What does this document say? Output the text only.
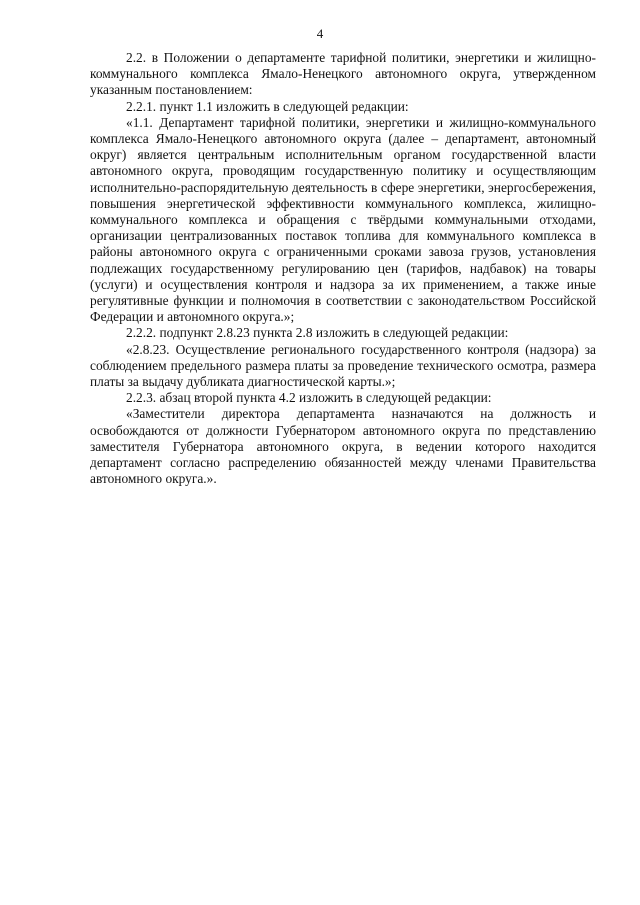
4

2.2. в Положении о департаменте тарифной политики, энергетики и жилищно-коммунального комплекса Ямало-Ненецкого автономного округа, утвержденном указанным постановлением:

2.2.1. пункт 1.1 изложить в следующей редакции:

«1.1. Департамент тарифной политики, энергетики и жилищно-коммунального комплекса Ямало-Ненецкого автономного округа (далее – департамент, автономный округ) является центральным исполнительным органом государственной власти автономного округа, проводящим государственную политику и осуществляющим исполнительно-распорядительную деятельность в сфере энергетики, энергосбережения, повышения энергетической эффективности коммунального комплекса, жилищно-коммунального комплекса и обращения с твёрдыми коммунальными отходами, организации централизованных поставок топлива для коммунального комплекса в районы автономного округа с ограниченными сроками завоза грузов, установления подлежащих государственному регулированию цен (тарифов, надбавок) на товары (услуги) и осуществления контроля и надзора за их применением, а также иные регулятивные функции и полномочия в соответствии с законодательством Российской Федерации и автономного округа.»;

2.2.2. подпункт 2.8.23 пункта 2.8 изложить в следующей редакции:

«2.8.23. Осуществление регионального государственного контроля (надзора) за соблюдением предельного размера платы за проведение технического осмотра, размера платы за выдачу дубликата диагностической карты.»;

2.2.3. абзац второй пункта 4.2 изложить в следующей редакции:

«Заместители директора департамента назначаются на должность и освобождаются от должности Губернатором автономного округа по представлению заместителя Губернатора автономного округа, в ведении которого находится департамент согласно распределению обязанностей между членами Правительства автономного округа.».
